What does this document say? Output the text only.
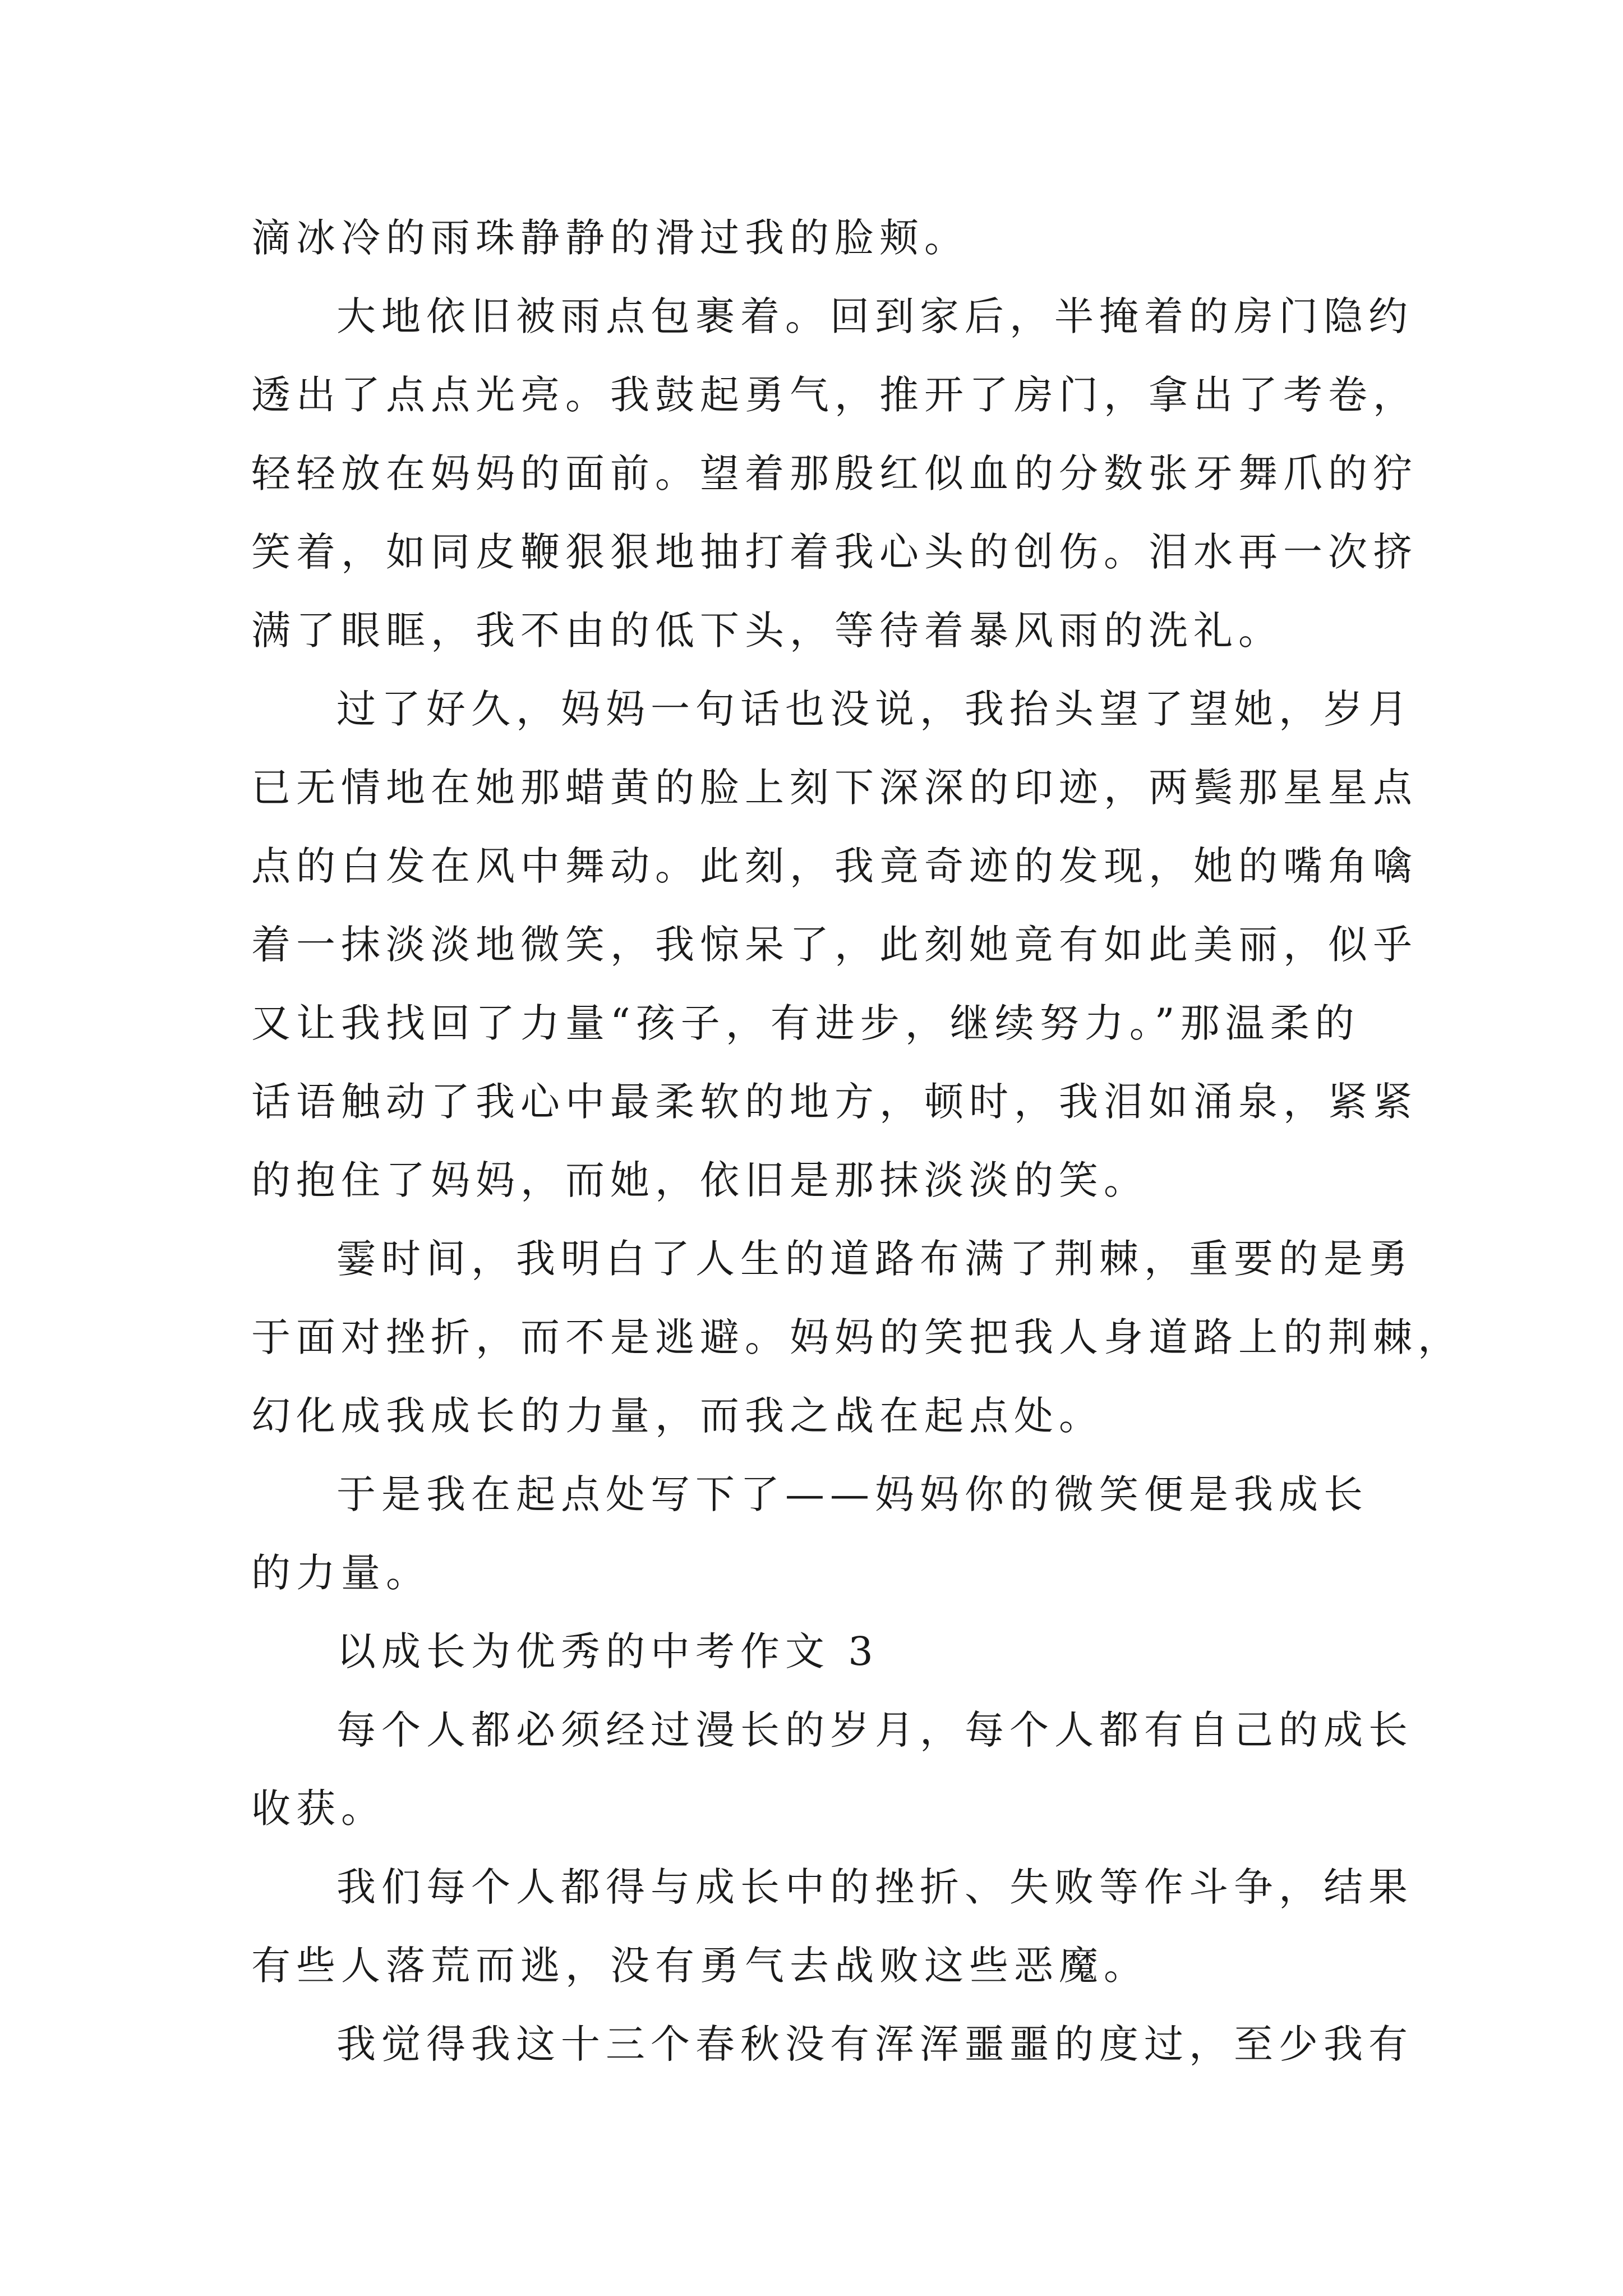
滴冰冷的雨珠静静的滑过我的脸颊。
大地依旧被雨点包裹着。回到家后，半掩着的房门隐约
透出了点点光亮。我鼓起勇气，推开了房门，拿出了考卷，
轻轻放在妈妈的面前。望着那殷红似血的分数张牙舞爪的狞
笑着，如同皮鞭狠狠地抽打着我心头的创伤。泪水再一次挤
满了眼眶，我不由的低下头，等待着暴风雨的洗礼。
过了好久，妈妈一句话也没说，我抬头望了望她，岁月
已无情地在她那蜡黄的脸上刻下深深的印迹，两鬓那星星点
点的白发在风中舞动。此刻，我竟奇迹的发现，她的嘴角噙
着一抹淡淡地微笑，我惊呆了，此刻她竟有如此美丽，似乎
又让我找回了力量“孩子，有进步，继续努力。”那温柔的
话语触动了我心中最柔软的地方，顿时，我泪如涌泉，紧紧
的抱住了妈妈，而她，依旧是那抹淡淡的笑。
霎时间，我明白了人生的道路布满了荆棘，重要的是勇
于面对挫折，而不是逃避。妈妈的笑把我人身道路上的荆棘，
幻化成我成长的力量，而我之战在起点处。
于是我在起点处写下了——妈妈你的微笑便是我成长
的力量。
以成长为优秀的中考作文 3
每个人都必须经过漫长的岁月，每个人都有自己的成长
收获。
我们每个人都得与成长中的挫折、失败等作斗争，结果
有些人落荒而逃，没有勇气去战败这些恶魔。
我觉得我这十三个春秋没有浑浑噩噩的度过，至少我有
